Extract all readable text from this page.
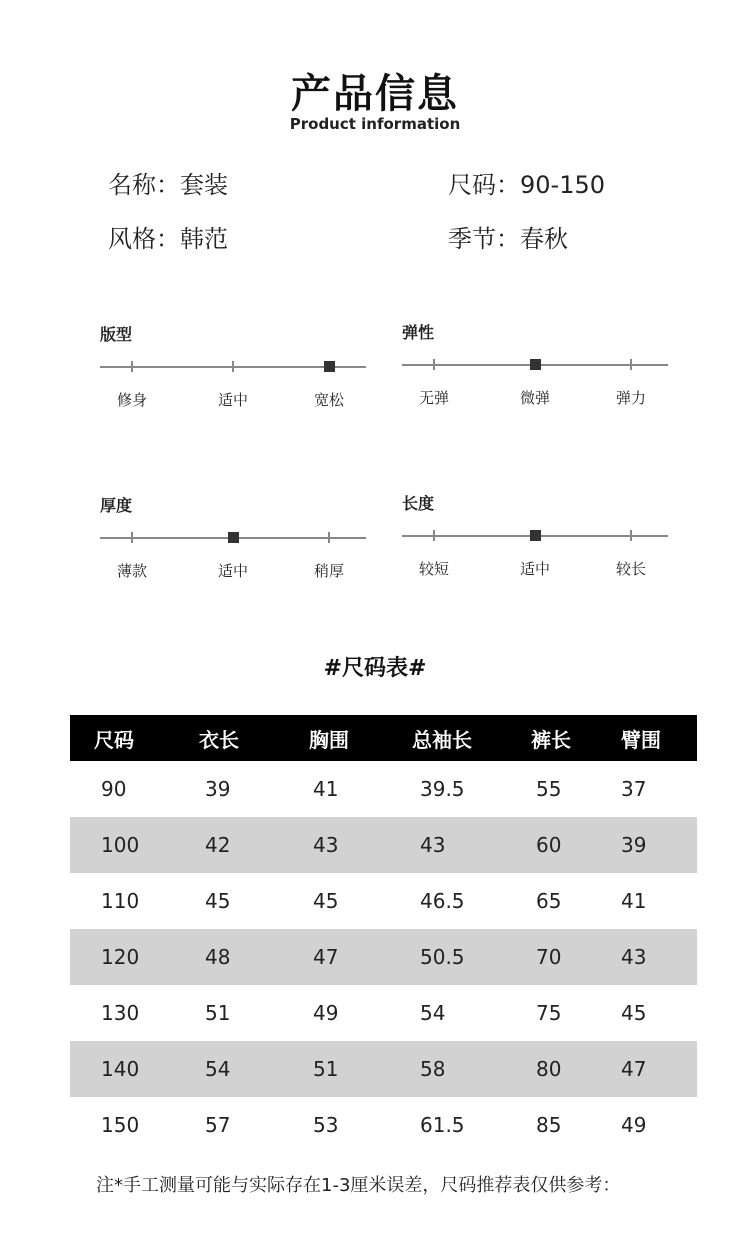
产品信息
Product information
名称：套装	尺码：90-150
风格：韩范	季节：春秋
版型
修身	适中	宽松
弹性
无弹	微弹	弹力
厚度
薄款	适中	稍厚
长度
较短	适中	较长
#尺码表#
尺码	衣长	胸围	总袖长	裤长	臂围
90	39	41	39.5	55	37
100	42	43	43	60	39
110	45	45	46.5	65	41
120	48	47	50.5	70	43
130	51	49	54	75	45
140	54	51	58	80	47
150	57	53	61.5	85	49
注*手工测量可能与实际存在1-3厘米误差，尺码推荐表仅供参考：
